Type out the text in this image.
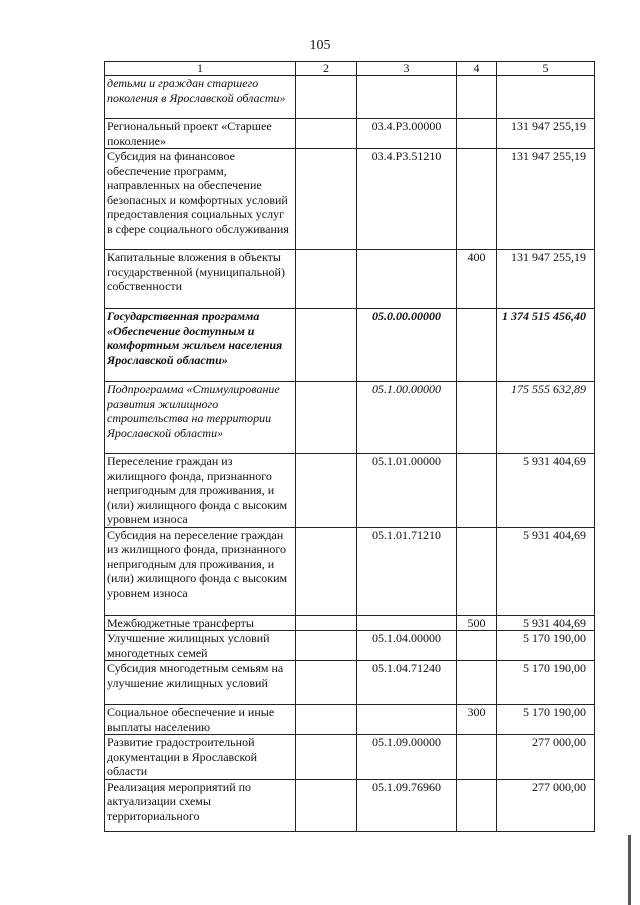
105
1	2	3	4	5
детьми и граждан старшего поколения в Ярославской области»				
Региональный проект «Старшее поколение»		03.4.P3.00000		131 947 255,19
Субсидия на финансовое обеспечение программ, направленных на обеспечение безопасных и комфортных условий предоставления социальных услуг в сфере социального обслуживания		03.4.P3.51210		131 947 255,19
Капитальные вложения в объекты государственной (муниципальной) собственности			400	131 947 255,19
Государственная программа «Обеспечение доступным и комфортным жильем населения Ярославской области»		05.0.00.00000		1 374 515 456,40
Подпрограмма «Стимулирование развития жилищного строительства на территории Ярославской области»		05.1.00.00000		175 555 632,89
Переселение граждан из жилищного фонда, признанного непригодным для проживания, и (или) жилищного фонда с высоким уровнем износа		05.1.01.00000		5 931 404,69
Субсидия на переселение граждан из жилищного фонда, признанного непригодным для проживания, и (или) жилищного фонда с высоким уровнем износа		05.1.01.71210		5 931 404,69
Межбюджетные трансферты			500	5 931 404,69
Улучшение жилищных условий многодетных семей		05.1.04.00000		5 170 190,00
Субсидия многодетным семьям на улучшение жилищных условий		05.1.04.71240		5 170 190,00
Социальное обеспечение и иные выплаты населению			300	5 170 190,00
Развитие градостроительной документации в Ярославской области		05.1.09.00000		277 000,00
Реализация мероприятий по актуализации схемы территориального		05.1.09.76960		277 000,00
